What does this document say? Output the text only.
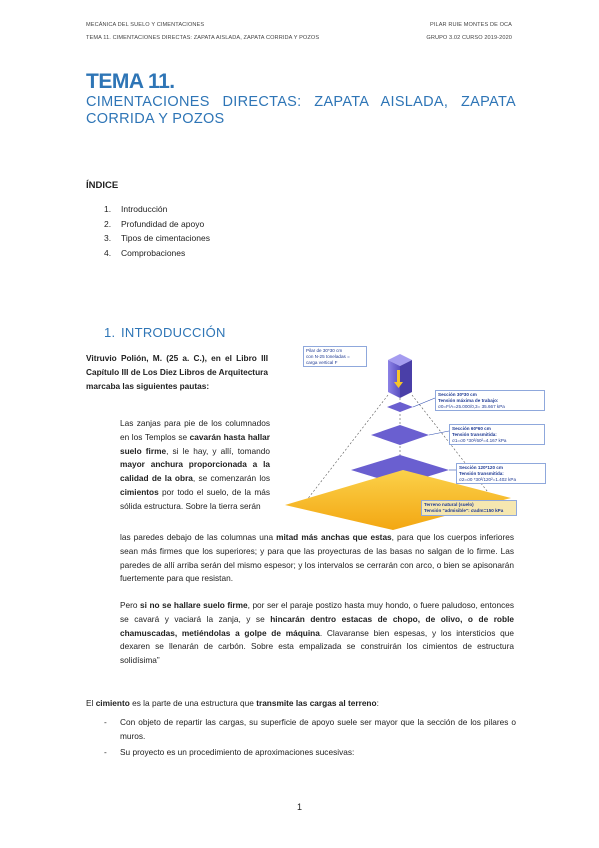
MECÁNICA DEL SUELO Y CIMENTACIONES
TEMA 11. CIMENTACIONES DIRECTAS: ZAPATA AISLADA, ZAPATA CORRIDA Y POZOS
PILAR RUIE MONTES DE OCA
GRUPO 3.02 CURSO 2019-2020
TEMA 11.
CIMENTACIONES DIRECTAS: ZAPATA AISLADA, ZAPATA CORRIDA Y POZOS
ÍNDICE
1. Introducción
2. Profundidad de apoyo
3. Tipos de cimentaciones
4. Comprobaciones
1. INTRODUCCIÓN
Vitruvio Polión, M. (25 a. C.), en el Libro III Capítulo III de Los Diez Libros de Arquitectura marcaba las siguientes pautas:
Las zanjas para pie de los columnados en los Templos se cavarán hasta hallar suelo firme, si le hay, y allí, tomando mayor anchura proporcionada a la calidad de la obra, se comenzarán los cimientos por todo el suelo, de la más sólida estructura. Sobre la tierra serán
las paredes debajo de las columnas una mitad más anchas que estas, para que los cuerpos inferiores sean más firmes que los superiores; y para que las proyecturas de las basas no salgan de lo firme. Las paredes de allí arriba serán del mismo espesor; y los intervalos se cerrarán con arco, o bien se apisonarán fuertemente para que resistan.
Pero si no se hallare suelo firme, por ser el paraje postizo hasta muy hondo, o fuere paludoso, entonces se cavará y vaciará la zanja, y se hincarán dentro estacas de chopo, de olivo, o de roble chamuscadas, metiéndolas a golpe de máquina. Clavaranse bien espesas, y los intersticios que dexaren se llenarán de carbón. Sobre esta empalizada se construirán los cimientos de estructura solidísima”
El cimiento es la parte de una estructura que transmite las cargas al terreno:
- Con objeto de repartir las cargas, su superficie de apoyo suele ser mayor que la sección de los pilares o muros.
- Su proyecto es un procedimiento de aproximaciones sucesivas:
Pilar de 30*30 cm
con N-25 toneladas =
carga vertical F
Sección 30*30 cm
Tensión máxima de trabajo:
σ0=F/A=25.000/0,3= 35.667 kPa
Sección 60*60 cm
Tensión transmitida:
σ1=σ0 *30²/60²=4.167 kPa
Sección 120*120 cm
Tensión transmitida:
σ2=σ0 *30²/120²=1.402 kPa
Terreno natural (suelo)
Tensión "admisible": σadm=150 kPa
1
